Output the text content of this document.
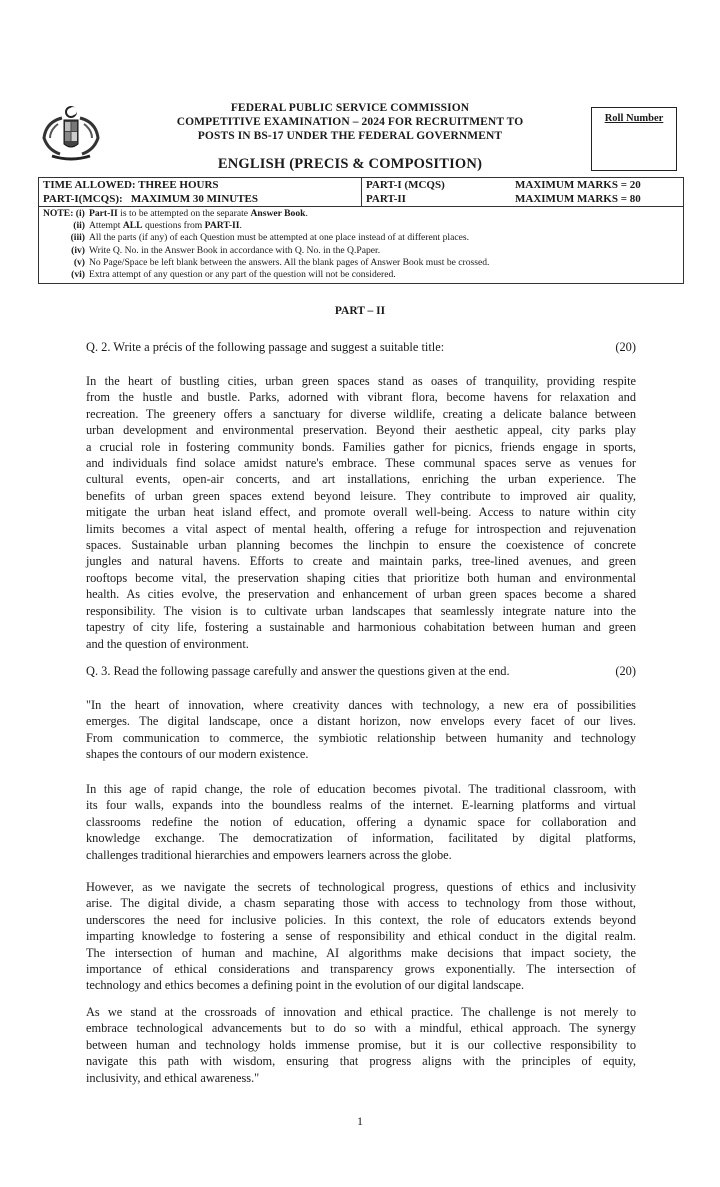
FEDERAL PUBLIC SERVICE COMMISSION
COMPETITIVE EXAMINATION – 2024 FOR RECRUITMENT TO
POSTS IN BS-17 UNDER THE FEDERAL GOVERNMENT
ENGLISH (PRECIS & COMPOSITION)
Roll Number
TIME ALLOWED: THREE HOURS	PART-I (MCQS)	MAXIMUM MARKS = 20
PART-I(MCQS):   MAXIMUM 30 MINUTES	PART-II	MAXIMUM MARKS = 80
NOTE: (i) Part-II is to be attempted on the separate Answer Book.
(ii) Attempt ALL questions from PART-II.
(iii) All the parts (if any) of each Question must be attempted at one place instead of at different places.
(iv) Write Q. No. in the Answer Book in accordance with Q. No. in the Q.Paper.
(v) No Page/Space be left blank between the answers. All the blank pages of Answer Book must be crossed.
(vi) Extra attempt of any question or any part of the question will not be considered.
PART – II
Q. 2. Write a précis of the following passage and suggest a suitable title:	(20)
In the heart of bustling cities, urban green spaces stand as oases of tranquility, providing respite
from the hustle and bustle. Parks, adorned with vibrant flora, become havens for relaxation and
recreation. The greenery offers a sanctuary for diverse wildlife, creating a delicate balance between
urban development and environmental preservation. Beyond their aesthetic appeal, city parks play
a crucial role in fostering community bonds. Families gather for picnics, friends engage in sports,
and individuals find solace amidst nature's embrace. These communal spaces serve as venues for
cultural events, open-air concerts, and art installations, enriching the urban experience. The
benefits of urban green spaces extend beyond leisure. They contribute to improved air quality,
mitigate the urban heat island effect, and promote overall well-being. Access to nature within city
limits becomes a vital aspect of mental health, offering a refuge for introspection and rejuvenation
spaces. Sustainable urban planning becomes the linchpin to ensure the coexistence of concrete
jungles and natural havens. Efforts to create and maintain parks, tree-lined avenues, and green
rooftops become vital, the preservation shaping cities that prioritize both human and environmental
health. As cities evolve, the preservation and enhancement of urban green spaces become a shared
responsibility. The vision is to cultivate urban landscapes that seamlessly integrate nature into the
tapestry of city life, fostering a sustainable and harmonious cohabitation between human and green
and the question of environment.
Q. 3. Read the following passage carefully and answer the questions given at the end.	(20)
"In the heart of innovation, where creativity dances with technology, a new era of possibilities
emerges. The digital landscape, once a distant horizon, now envelops every facet of our lives.
From communication to commerce, the symbiotic relationship between humanity and technology
shapes the contours of our modern existence.
In this age of rapid change, the role of education becomes pivotal. The traditional classroom, with
its four walls, expands into the boundless realms of the internet. E-learning platforms and virtual
classrooms redefine the notion of education, offering a dynamic space for collaboration and
knowledge exchange. The democratization of information, facilitated by digital platforms,
challenges traditional hierarchies and empowers learners across the globe.
However, as we navigate the secrets of technological progress, questions of ethics and inclusivity
arise. The digital divide, a chasm separating those with access to technology from those without,
underscores the need for inclusive policies. In this context, the role of educators extends beyond
imparting knowledge to fostering a sense of responsibility and ethical conduct in the digital realm.
The intersection of human and machine, AI algorithms make decisions that impact society, the
importance of ethical considerations and transparency grows exponentially. The intersection of
technology and ethics becomes a defining point in the evolution of our digital landscape.
As we stand at the crossroads of innovation and ethical practice. The challenge is not merely to
embrace technological advancements but to do so with a mindful, ethical approach. The synergy
between human and technology holds immense promise, but it is our collective responsibility to
navigate this path with wisdom, ensuring that progress aligns with the principles of equity,
inclusivity, and ethical awareness."
1
